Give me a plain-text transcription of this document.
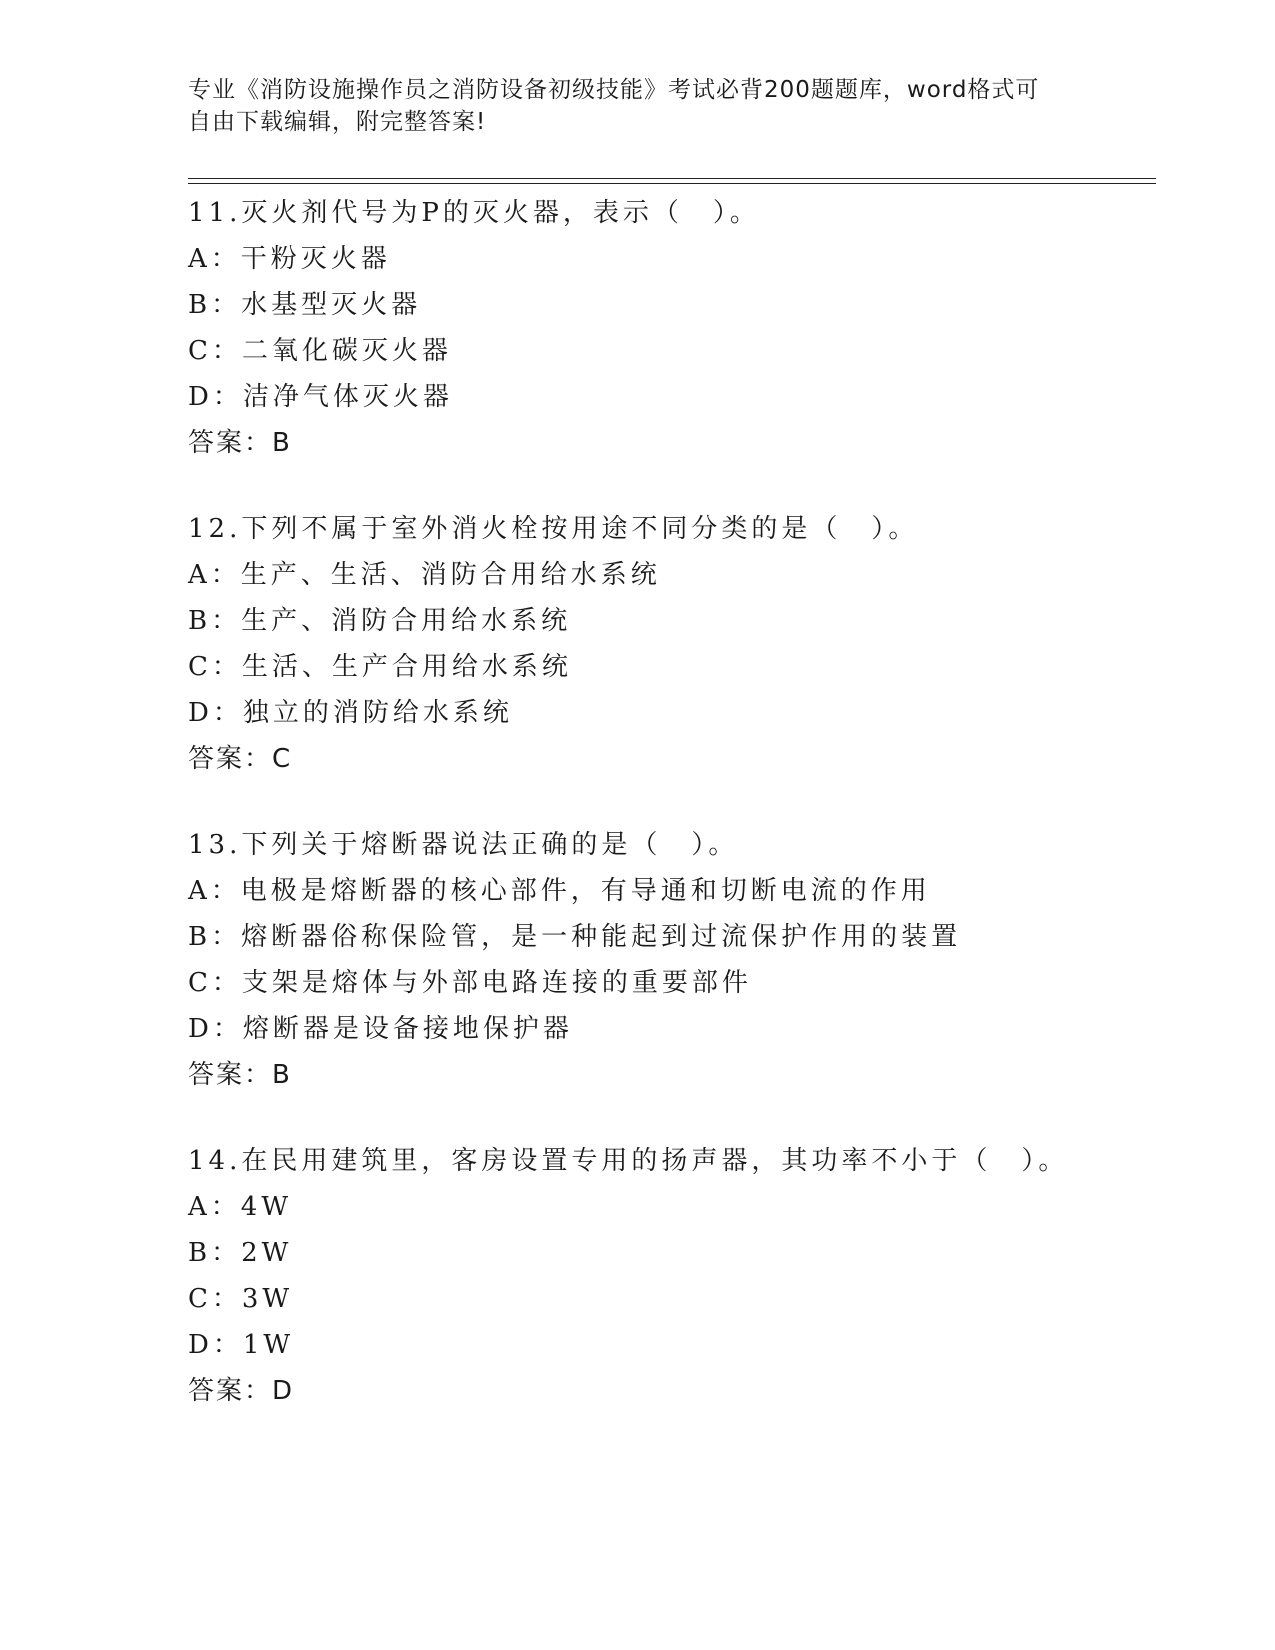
专业《消防设施操作员之消防设备初级技能》考试必背200题题库，word格式可
自由下载编辑，附完整答案!
11.灭火剂代号为P的灭火器，表示（　）。
A：干粉灭火器
B：水基型灭火器
C：二氧化碳灭火器
D：洁净气体灭火器
答案：B
12.下列不属于室外消火栓按用途不同分类的是（　）。
A：生产、生活、消防合用给水系统
B：生产、消防合用给水系统
C：生活、生产合用给水系统
D：独立的消防给水系统
答案：C
13.下列关于熔断器说法正确的是（　）。
A：电极是熔断器的核心部件，有导通和切断电流的作用
B：熔断器俗称保险管，是一种能起到过流保护作用的装置
C：支架是熔体与外部电路连接的重要部件
D：熔断器是设备接地保护器
答案：B
14.在民用建筑里，客房设置专用的扬声器，其功率不小于（　）。
A：4W
B：2W
C：3W
D：1W
答案：D
